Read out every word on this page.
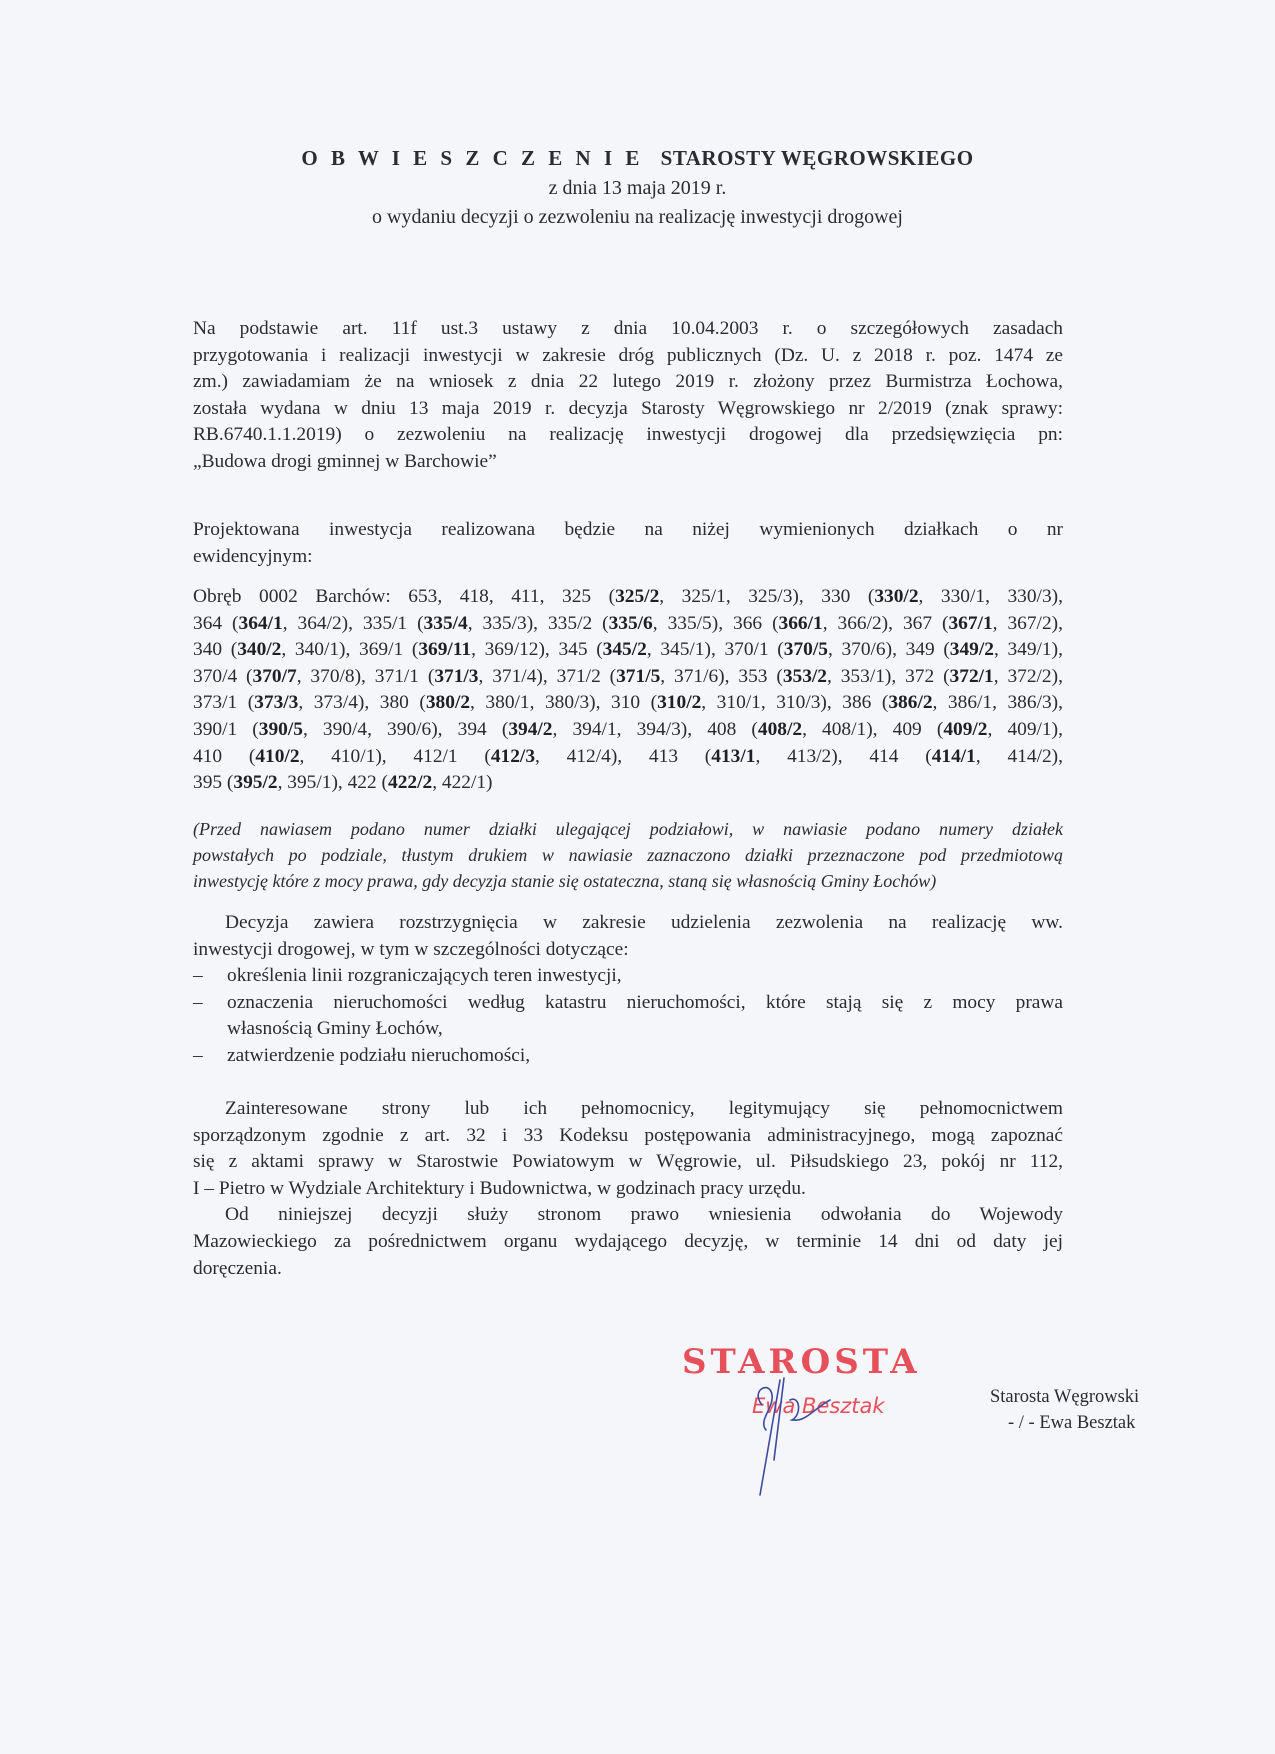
O B W I E S Z C Z E N I E STAROSTY WĘGROWSKIEGO
z dnia 13 maja 2019 r.
o wydaniu decyzji o zezwoleniu na realizację inwestycji drogowej
Na podstawie art. 11f ust.3 ustawy z dnia 10.04.2003 r. o szczegółowych zasadach
przygotowania i realizacji inwestycji w zakresie dróg publicznych (Dz. U. z 2018 r. poz. 1474 ze
zm.) zawiadamiam że na wniosek z dnia 22 lutego 2019 r. złożony przez Burmistrza Łochowa,
została wydana w dniu 13 maja 2019 r. decyzja Starosty Węgrowskiego nr 2/2019 (znak sprawy:
RB.6740.1.1.2019) o zezwoleniu na realizację inwestycji drogowej dla przedsięwzięcia pn:
„Budowa drogi gminnej w Barchowie”
Projektowana inwestycja realizowana będzie na niżej wymienionych działkach o nr
ewidencyjnym:
Obręb 0002 Barchów: 653, 418, 411, 325 (325/2, 325/1, 325/3), 330 (330/2, 330/1, 330/3),
364 (364/1, 364/2), 335/1 (335/4, 335/3), 335/2 (335/6, 335/5), 366 (366/1, 366/2), 367 (367/1, 367/2),
340 (340/2, 340/1), 369/1 (369/11, 369/12), 345 (345/2, 345/1), 370/1 (370/5, 370/6), 349 (349/2, 349/1),
370/4 (370/7, 370/8), 371/1 (371/3, 371/4), 371/2 (371/5, 371/6), 353 (353/2, 353/1), 372 (372/1, 372/2),
373/1 (373/3, 373/4), 380 (380/2, 380/1, 380/3), 310 (310/2, 310/1, 310/3), 386 (386/2, 386/1, 386/3),
390/1 (390/5, 390/4, 390/6), 394 (394/2, 394/1, 394/3), 408 (408/2, 408/1), 409 (409/2, 409/1),
410 (410/2, 410/1), 412/1 (412/3, 412/4), 413 (413/1, 413/2), 414 (414/1, 414/2),
395 (395/2, 395/1), 422 (422/2, 422/1)
(Przed nawiasem podano numer działki ulegającej podziałowi, w nawiasie podano numery działek
powstałych po podziale, tłustym drukiem w nawiasie zaznaczono działki przeznaczone pod przedmiotową
inwestycję które z mocy prawa, gdy decyzja stanie się ostateczna, staną się własnością Gminy Łochów)
Decyzja zawiera rozstrzygnięcia w zakresie udzielenia zezwolenia na realizację ww.
inwestycji drogowej, w tym w szczególności dotyczące:
–	określenia linii rozgraniczających teren inwestycji,
–	oznaczenia nieruchomości według katastru nieruchomości, które stają się z mocy prawa
własnością Gminy Łochów,
–	zatwierdzenie podziału nieruchomości,
Zainteresowane strony lub ich pełnomocnicy, legitymujący się pełnomocnictwem
sporządzonym zgodnie z art. 32 i 33 Kodeksu postępowania administracyjnego, mogą zapoznać
się z aktami sprawy w Starostwie Powiatowym w Węgrowie, ul. Piłsudskiego 23, pokój nr 112,
I – Pietro w Wydziale Architektury i Budownictwa, w godzinach pracy urzędu.
Od niniejszej decyzji służy stronom prawo wniesienia odwołania do Wojewody
Mazowieckiego za pośrednictwem organu wydającego decyzję, w terminie 14 dni od daty jej
doręczenia.
STAROSTA
Ewa Besztak	Starosta Węgrowski
- / - Ewa Besztak
